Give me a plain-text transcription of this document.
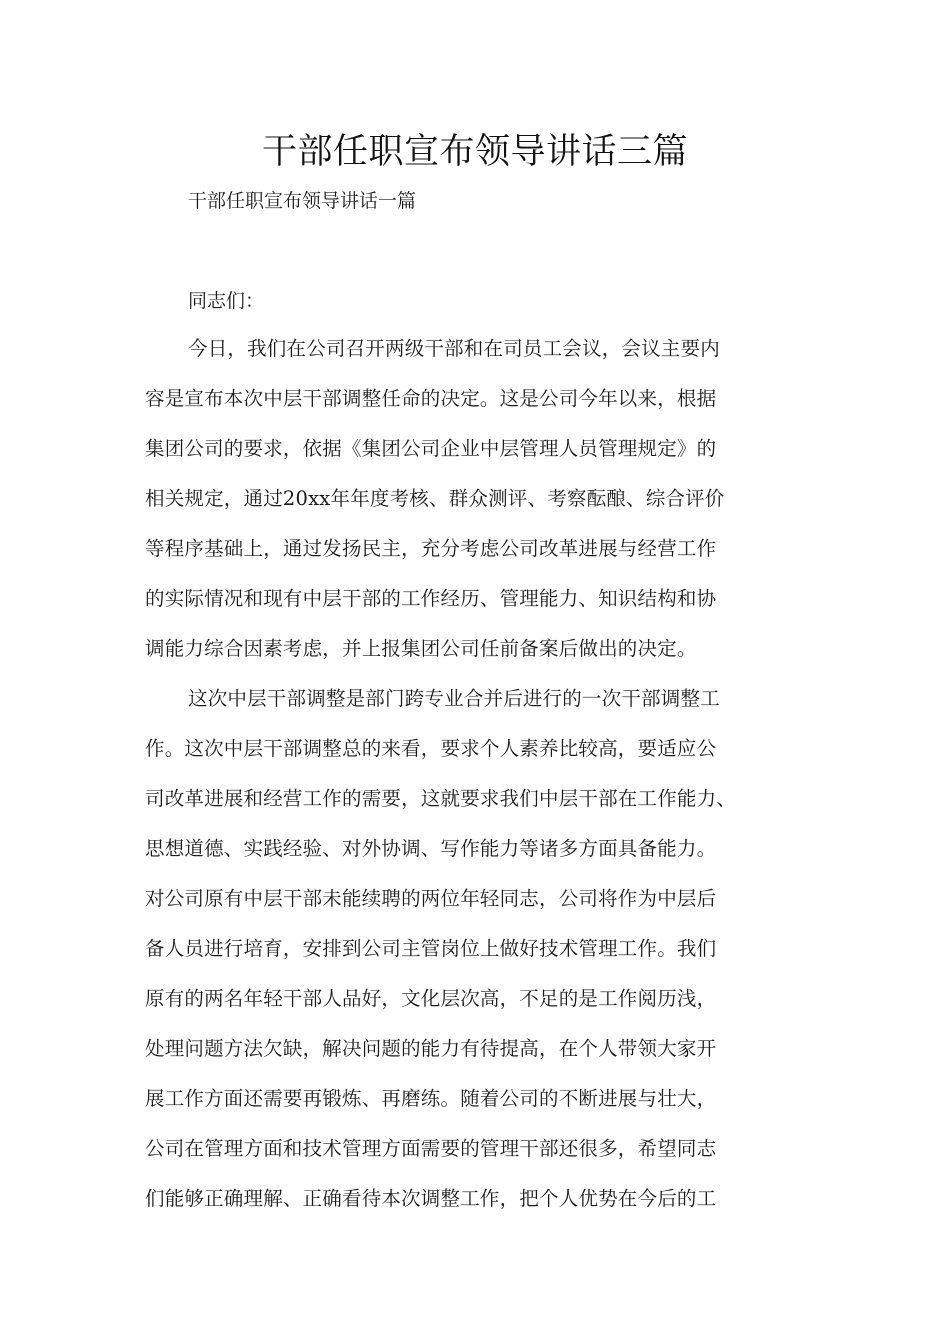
干部任职宣布领导讲话三篇
干部任职宣布领导讲话一篇

同志们：

今日，我们在公司召开两级干部和在司员工会议，会议主要内
容是宣布本次中层干部调整任命的决定。这是公司今年以来，根据
集团公司的要求，依据《集团公司企业中层管理人员管理规定》的
相关规定，通过20xx年年度考核、群众测评、考察酝酿、综合评价
等程序基础上，通过发扬民主，充分考虑公司改革进展与经营工作
的实际情况和现有中层干部的工作经历、管理能力、知识结构和协
调能力综合因素考虑，并上报集团公司任前备案后做出的决定。
这次中层干部调整是部门跨专业合并后进行的一次干部调整工
作。这次中层干部调整总的来看，要求个人素养比较高，要适应公
司改革进展和经营工作的需要，这就要求我们中层干部在工作能力、
思想道德、实践经验、对外协调、写作能力等诸多方面具备能力。
对公司原有中层干部未能续聘的两位年轻同志，公司将作为中层后
备人员进行培育，安排到公司主管岗位上做好技术管理工作。我们
原有的两名年轻干部人品好，文化层次高，不足的是工作阅历浅，
处理问题方法欠缺，解决问题的能力有待提高，在个人带领大家开
展工作方面还需要再锻炼、再磨练。随着公司的不断进展与壮大，
公司在管理方面和技术管理方面需要的管理干部还很多，希望同志
们能够正确理解、正确看待本次调整工作，把个人优势在今后的工
